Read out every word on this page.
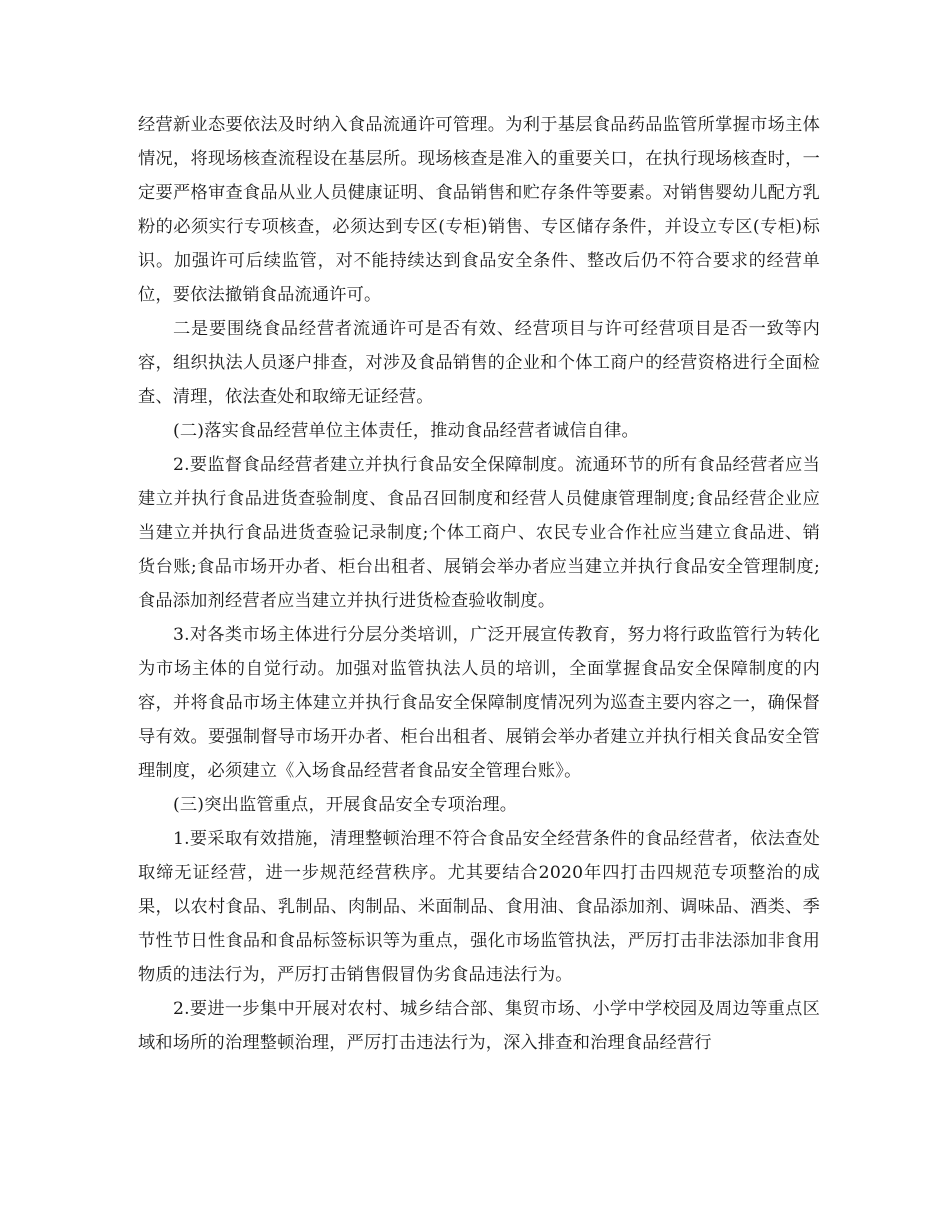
经营新业态要依法及时纳入食品流通许可管理。为利于基层食品药品监管所掌握市场主体情况，将现场核查流程设在基层所。现场核查是准入的重要关口，在执行现场核查时，一定要严格审查食品从业人员健康证明、食品销售和贮存条件等要素。对销售婴幼儿配方乳粉的必须实行专项核查，必须达到专区(专柜)销售、专区储存条件，并设立专区(专柜)标识。加强许可后续监管，对不能持续达到食品安全条件、整改后仍不符合要求的经营单位，要依法撤销食品流通许可。

二是要围绕食品经营者流通许可是否有效、经营项目与许可经营项目是否一致等内容，组织执法人员逐户排查，对涉及食品销售的企业和个体工商户的经营资格进行全面检查、清理，依法查处和取缔无证经营。

(二)落实食品经营单位主体责任，推动食品经营者诚信自律。

2.要监督食品经营者建立并执行食品安全保障制度。流通环节的所有食品经营者应当建立并执行食品进货查验制度、食品召回制度和经营人员健康管理制度;食品经营企业应当建立并执行食品进货查验记录制度;个体工商户、农民专业合作社应当建立食品进、销货台账;食品市场开办者、柜台出租者、展销会举办者应当建立并执行食品安全管理制度;食品添加剂经营者应当建立并执行进货检查验收制度。

3.对各类市场主体进行分层分类培训，广泛开展宣传教育，努力将行政监管行为转化为市场主体的自觉行动。加强对监管执法人员的培训，全面掌握食品安全保障制度的内容，并将食品市场主体建立并执行食品安全保障制度情况列为巡查主要内容之一，确保督导有效。要强制督导市场开办者、柜台出租者、展销会举办者建立并执行相关食品安全管理制度，必须建立《入场食品经营者食品安全管理台账》。

(三)突出监管重点，开展食品安全专项治理。

1.要采取有效措施，清理整顿治理不符合食品安全经营条件的食品经营者，依法查处取缔无证经营，进一步规范经营秩序。尤其要结合2020年四打击四规范专项整治的成果，以农村食品、乳制品、肉制品、米面制品、食用油、食品添加剂、调味品、酒类、季节性节日性食品和食品标签标识等为重点，强化市场监管执法，严厉打击非法添加非食用物质的违法行为，严厉打击销售假冒伪劣食品违法行为。

2.要进一步集中开展对农村、城乡结合部、集贸市场、小学中学校园及周边等重点区域和场所的治理整顿治理，严厉打击违法行为，深入排查和治理食品经营行
